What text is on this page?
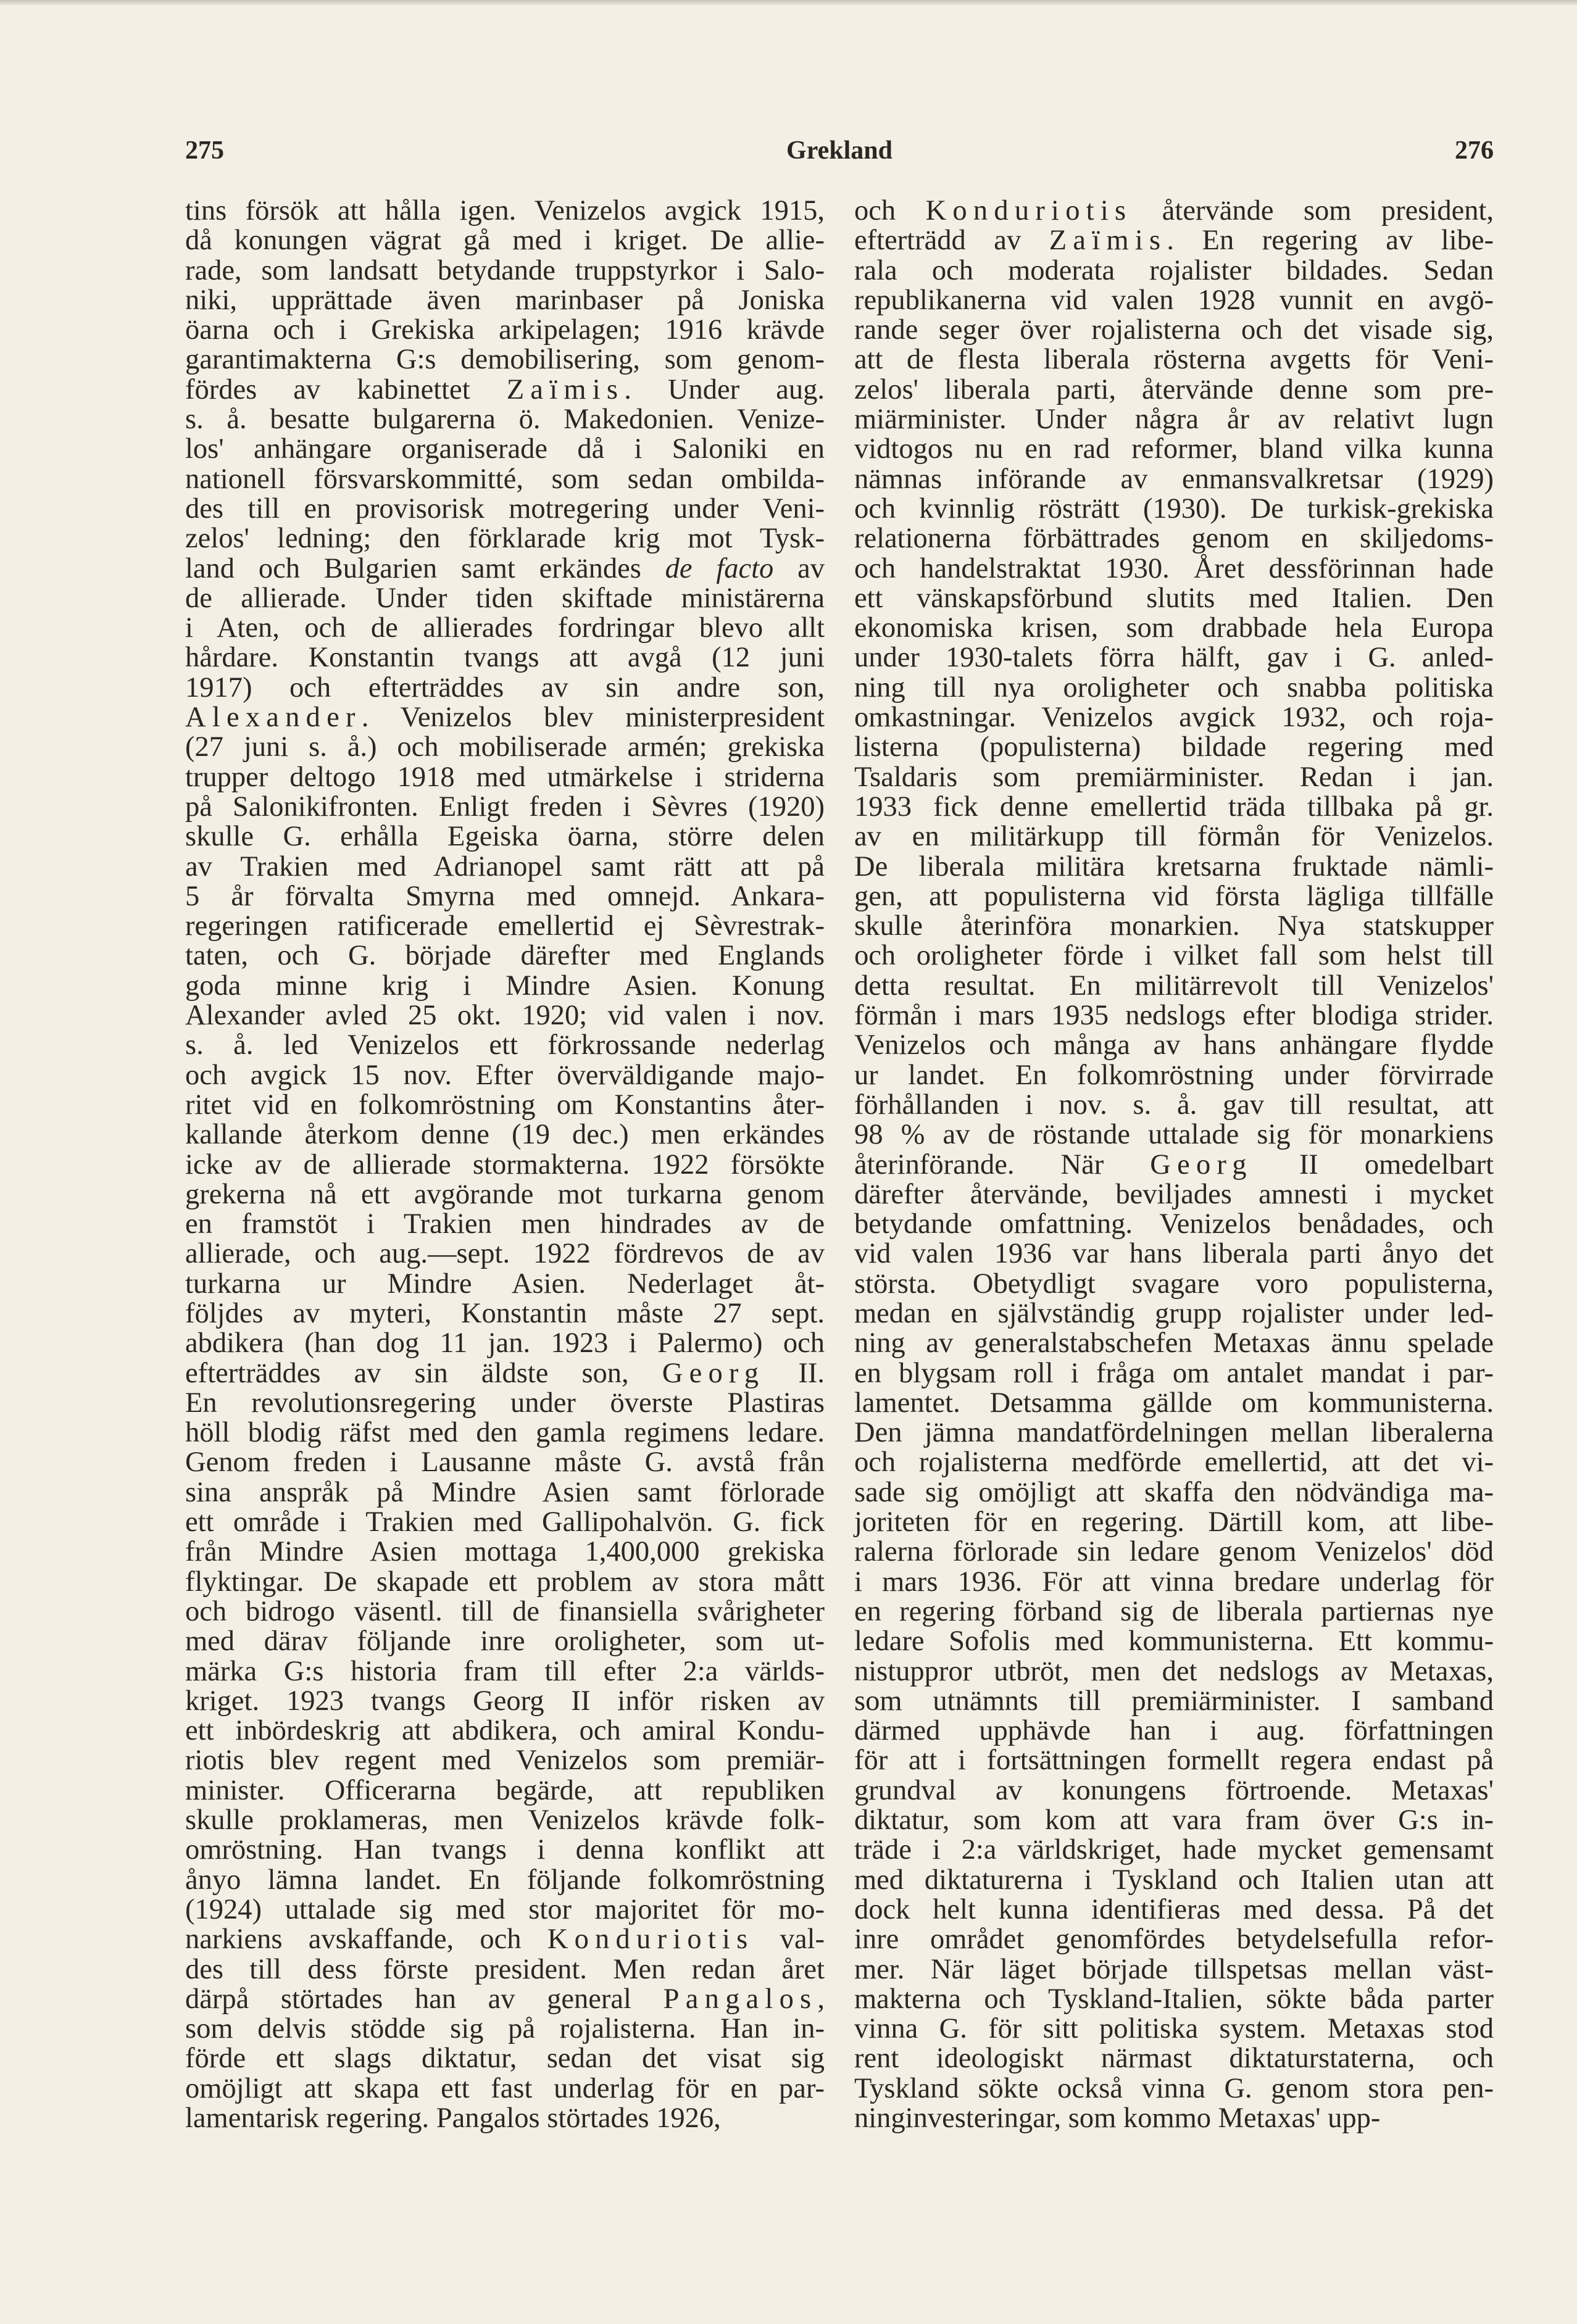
275	Grekland	276
tins försök att hålla igen. Venizelos avgick 1915,
då konungen vägrat gå med i kriget. De allie-
rade, som landsatt betydande truppstyrkor i Salo-
niki, upprättade även marinbaser på Joniska
öarna och i Grekiska arkipelagen; 1916 krävde
garantimakterna G:s demobilisering, som genom-
fördes av kabinettet Zaïmis. Under aug.
s. å. besatte bulgarerna ö. Makedonien. Venize-
los' anhängare organiserade då i Saloniki en
nationell försvarskommitté, som sedan ombilda-
des till en provisorisk motregering under Veni-
zelos' ledning; den förklarade krig mot Tysk-
land och Bulgarien samt erkändes de facto av
de allierade. Under tiden skiftade ministärerna
i Aten, och de allierades fordringar blevo allt
hårdare. Konstantin tvangs att avgå (12 juni
1917) och efterträddes av sin andre son,
Alexander. Venizelos blev ministerpresident
(27 juni s. å.) och mobiliserade armén; grekiska
trupper deltogo 1918 med utmärkelse i striderna
på Salonikifronten. Enligt freden i Sèvres (1920)
skulle G. erhålla Egeiska öarna, större delen
av Trakien med Adrianopel samt rätt att på
5 år förvalta Smyrna med omnejd. Ankara-
regeringen ratificerade emellertid ej Sèvrestrak-
taten, och G. började därefter med Englands
goda minne krig i Mindre Asien. Konung
Alexander avled 25 okt. 1920; vid valen i nov.
s. å. led Venizelos ett förkrossande nederlag
och avgick 15 nov. Efter överväldigande majo-
ritet vid en folkomröstning om Konstantins åter-
kallande återkom denne (19 dec.) men erkändes
icke av de allierade stormakterna. 1922 försökte
grekerna nå ett avgörande mot turkarna genom
en framstöt i Trakien men hindrades av de
allierade, och aug.—sept. 1922 fördrevos de av
turkarna ur Mindre Asien. Nederlaget åt-
följdes av myteri, Konstantin måste 27 sept.
abdikera (han dog 11 jan. 1923 i Palermo) och
efterträddes av sin äldste son, Georg II.
En revolutionsregering under överste Plastiras
höll blodig räfst med den gamla regimens ledare.
Genom freden i Lausanne måste G. avstå från
sina anspråk på Mindre Asien samt förlorade
ett område i Trakien med Gallipohalvön. G. fick
från Mindre Asien mottaga 1,400,000 grekiska
flyktingar. De skapade ett problem av stora mått
och bidrogo väsentl. till de finansiella svårigheter
med därav följande inre oroligheter, som ut-
märka G:s historia fram till efter 2:a världs-
kriget. 1923 tvangs Georg II inför risken av
ett inbördeskrig att abdikera, och amiral Kondu-
riotis blev regent med Venizelos som premiär-
minister. Officerarna begärde, att republiken
skulle proklameras, men Venizelos krävde folk-
omröstning. Han tvangs i denna konflikt att
ånyo lämna landet. En följande folkomröstning
(1924) uttalade sig med stor majoritet för mo-
narkiens avskaffande, och Konduriotis val-
des till dess förste president. Men redan året
därpå störtades han av general Pangalos,
som delvis stödde sig på rojalisterna. Han in-
förde ett slags diktatur, sedan det visat sig
omöjligt att skapa ett fast underlag för en par-
lamentarisk regering. Pangalos störtades 1926,
och Konduriotis återvände som president,
efterträdd av Zaïmis. En regering av libe-
rala och moderata rojalister bildades. Sedan
republikanerna vid valen 1928 vunnit en avgö-
rande seger över rojalisterna och det visade sig,
att de flesta liberala rösterna avgetts för Veni-
zelos' liberala parti, återvände denne som pre-
miärminister. Under några år av relativt lugn
vidtogos nu en rad reformer, bland vilka kunna
nämnas införande av enmansvalkretsar (1929)
och kvinnlig rösträtt (1930). De turkisk-grekiska
relationerna förbättrades genom en skiljedoms-
och handelstraktat 1930. Året dessförinnan hade
ett vänskapsförbund slutits med Italien. Den
ekonomiska krisen, som drabbade hela Europa
under 1930-talets förra hälft, gav i G. anled-
ning till nya oroligheter och snabba politiska
omkastningar. Venizelos avgick 1932, och roja-
listerna (populisterna) bildade regering med
Tsaldaris som premiärminister. Redan i jan.
1933 fick denne emellertid träda tillbaka på gr.
av en militärkupp till förmån för Venizelos.
De liberala militära kretsarna fruktade nämli-
gen, att populisterna vid första lägliga tillfälle
skulle återinföra monarkien. Nya statskupper
och oroligheter förde i vilket fall som helst till
detta resultat. En militärrevolt till Venizelos'
förmån i mars 1935 nedslogs efter blodiga strider.
Venizelos och många av hans anhängare flydde
ur landet. En folkomröstning under förvirrade
förhållanden i nov. s. å. gav till resultat, att
98 % av de röstande uttalade sig för monarkiens
återinförande. När Georg II omedelbart
därefter återvände, beviljades amnesti i mycket
betydande omfattning. Venizelos benådades, och
vid valen 1936 var hans liberala parti ånyo det
största. Obetydligt svagare voro populisterna,
medan en självständig grupp rojalister under led-
ning av generalstabschefen Metaxas ännu spelade
en blygsam roll i fråga om antalet mandat i par-
lamentet. Detsamma gällde om kommunisterna.
Den jämna mandatfördelningen mellan liberalerna
och rojalisterna medförde emellertid, att det vi-
sade sig omöjligt att skaffa den nödvändiga ma-
joriteten för en regering. Därtill kom, att libe-
ralerna förlorade sin ledare genom Venizelos' död
i mars 1936. För att vinna bredare underlag för
en regering förband sig de liberala partiernas nye
ledare Sofolis med kommunisterna. Ett kommu-
nistuppror utbröt, men det nedslogs av Metaxas,
som utnämnts till premiärminister. I samband
därmed upphävde han i aug. författningen
för att i fortsättningen formellt regera endast på
grundval av konungens förtroende. Metaxas'
diktatur, som kom att vara fram över G:s in-
träde i 2:a världskriget, hade mycket gemensamt
med diktaturerna i Tyskland och Italien utan att
dock helt kunna identifieras med dessa. På det
inre området genomfördes betydelsefulla refor-
mer. När läget började tillspetsas mellan väst-
makterna och Tyskland-Italien, sökte båda parter
vinna G. för sitt politiska system. Metaxas stod
rent ideologiskt närmast diktaturstaterna, och
Tyskland sökte också vinna G. genom stora pen-
ninginvesteringar, som kommo Metaxas' upp-
